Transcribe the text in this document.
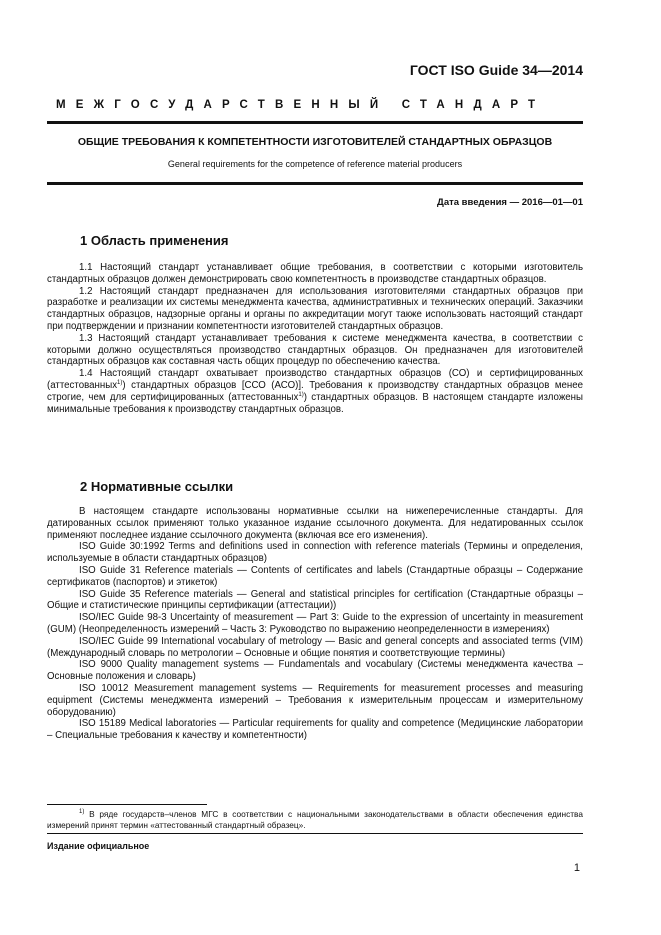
ГОСТ ISO Guide 34—2014
МЕЖГОСУДАРСТВЕННЫЙ СТАНДАРТ
ОБЩИЕ ТРЕБОВАНИЯ К КОМПЕТЕНТНОСТИ ИЗГОТОВИТЕЛЕЙ СТАНДАРТНЫХ ОБРАЗЦОВ
General requirements for the competence of reference material producers
Дата введения — 2016—01—01
1 Область применения

1.1 Настоящий стандарт устанавливает общие требования, в соответствии с которыми изготовитель стандартных образцов должен демонстрировать свою компетентность в производстве стандартных образцов.

1.2 Настоящий стандарт предназначен для использования изготовителями стандартных образцов при разработке и реализации их системы менеджмента качества, административных и технических операций. Заказчики стандартных образцов, надзорные органы и органы по аккредитации могут также использовать настоящий стандарт при подтверждении и признании компетентности изготовителей стандартных образцов.

1.3 Настоящий стандарт устанавливает требования к системе менеджмента качества, в соответствии с которыми должно осуществляться производство стандартных образцов. Он предназначен для изготовителей стандартных образцов как составная часть общих процедур по обеспечению качества.

1.4 Настоящий стандарт охватывает производство стандартных образцов (СО) и сертифицированных (аттестованных$^{1)}$) стандартных образцов [ССО (АСО)]. Требования к производству стандартных образцов менее строгие, чем для сертифицированных (аттестованных$^{1)}$) стандартных образцов. В настоящем стандарте изложены минимальные требования к производству стандартных образцов.

2 Нормативные ссылки

В настоящем стандарте использованы нормативные ссылки на нижеперечисленные стандарты. Для датированных ссылок применяют только указанное издание ссылочного документа. Для недатированных ссылок применяют последнее издание ссылочного документа (включая все его изменения).

ISO Guide 30:1992 Terms and definitions used in connection with reference materials (Термины и определения, используемые в области стандартных образцов)

ISO Guide 31 Reference materials — Contents of certificates and labels (Стандартные образцы – Содержание сертификатов (паспортов) и этикеток)

ISO Guide 35 Reference materials — General and statistical principles for certification (Стандартные образцы – Общие и статистические принципы сертификации (аттестации))

ISO/IEC Guide 98-3 Uncertainty of measurement — Part 3: Guide to the expression of uncertainty in measurement (GUM) (Неопределенность измерений – Часть 3: Руководство по выражению неопределенности в измерениях)

ISO/IEC Guide 99 International vocabulary of metrology — Basic and general concepts and associated terms (VIM) (Международный словарь по метрологии – Основные и общие понятия и соответствующие термины)

ISO 9000 Quality management systems — Fundamentals and vocabulary (Системы менеджмента качества – Основные положения и словарь)

ISO 10012 Measurement management systems — Requirements for measurement processes and measuring equipment (Системы менеджмента измерений – Требования к измерительным процессам и измерительному оборудованию)

ISO 15189 Medical laboratories — Particular requirements for quality and competence (Медицинские лаборатории – Специальные требования к качеству и компетентности)

$^{1)}$ В ряде государств–членов МГС в соответствии с национальными законодательствами в области обеспечения единства измерений принят термин «аттестованный стандартный образец».
Издание официальное
1
